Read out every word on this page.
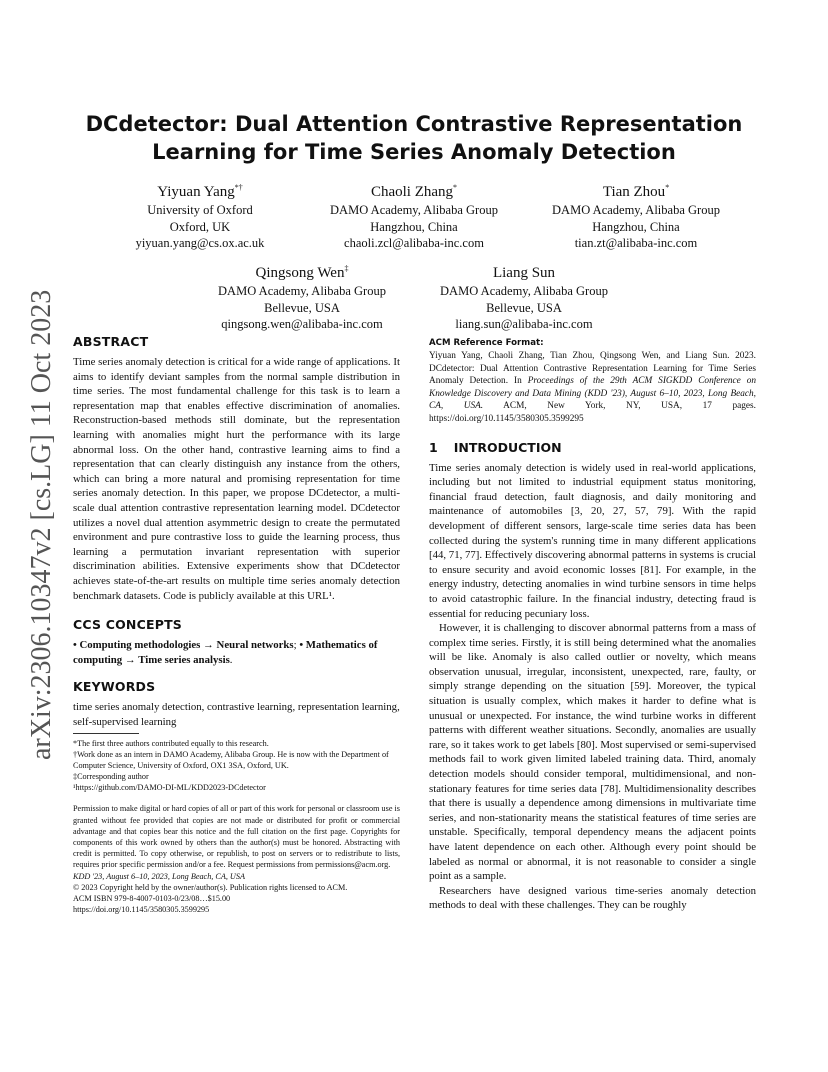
arXiv:2306.10347v2 [cs.LG] 11 Oct 2023
DCdetector: Dual Attention Contrastive Representation Learning for Time Series Anomaly Detection
Yiyuan Yang*†
University of Oxford
Oxford, UK
yiyuan.yang@cs.ox.ac.uk
Chaoli Zhang*
DAMO Academy, Alibaba Group
Hangzhou, China
chaoli.zcl@alibaba-inc.com
Tian Zhou*
DAMO Academy, Alibaba Group
Hangzhou, China
tian.zt@alibaba-inc.com
Qingsong Wen‡
DAMO Academy, Alibaba Group
Bellevue, USA
qingsong.wen@alibaba-inc.com
Liang Sun
DAMO Academy, Alibaba Group
Bellevue, USA
liang.sun@alibaba-inc.com
ABSTRACT

Time series anomaly detection is critical for a wide range of applications. It aims to identify deviant samples from the normal sample distribution in time series. The most fundamental challenge for this task is to learn a representation map that enables effective discrimination of anomalies. Reconstruction-based methods still dominate, but the representation learning with anomalies might hurt the performance with its large abnormal loss. On the other hand, contrastive learning aims to find a representation that can clearly distinguish any instance from the others, which can bring a more natural and promising representation for time series anomaly detection. In this paper, we propose DCdetector, a multi-scale dual attention contrastive representation learning model. DCdetector utilizes a novel dual attention asymmetric design to create the permutated environment and pure contrastive loss to guide the learning process, thus learning a permutation invariant representation with superior discrimination abilities. Extensive experiments show that DCdetector achieves state-of-the-art results on multiple time series anomaly detection benchmark datasets. Code is publicly available at this URL¹.

CCS CONCEPTS

• Computing methodologies → Neural networks; • Mathematics of computing → Time series analysis.

KEYWORDS

time series anomaly detection, contrastive learning, representation learning, self-supervised learning

*The first three authors contributed equally to this research.

†Work done as an intern in DAMO Academy, Alibaba Group. He is now with the Department of Computer Science, University of Oxford, OX1 3SA, Oxford, UK.

‡Corresponding author

¹https://github.com/DAMO-DI-ML/KDD2023-DCdetector

Permission to make digital or hard copies of all or part of this work for personal or classroom use is granted without fee provided that copies are not made or distributed for profit or commercial advantage and that copies bear this notice and the full citation on the first page. Copyrights for components of this work owned by others than the author(s) must be honored. Abstracting with credit is permitted. To copy otherwise, or republish, to post on servers or to redistribute to lists, requires prior specific permission and/or a fee. Request permissions from permissions@acm.org.

KDD '23, August 6–10, 2023, Long Beach, CA, USA

© 2023 Copyright held by the owner/author(s). Publication rights licensed to ACM.

ACM ISBN 979-8-4007-0103-0/23/08…$15.00

https://doi.org/10.1145/3580305.3599295

ACM Reference Format:

Yiyuan Yang, Chaoli Zhang, Tian Zhou, Qingsong Wen, and Liang Sun. 2023. DCdetector: Dual Attention Contrastive Representation Learning for Time Series Anomaly Detection. In Proceedings of the 29th ACM SIGKDD Conference on Knowledge Discovery and Data Mining (KDD '23), August 6–10, 2023, Long Beach, CA, USA. ACM, New York, NY, USA, 17 pages. https://doi.org/10.1145/3580305.3599295

1 INTRODUCTION

Time series anomaly detection is widely used in real-world applications, including but not limited to industrial equipment status monitoring, financial fraud detection, fault diagnosis, and daily monitoring and maintenance of automobiles [3, 20, 27, 57, 79]. With the rapid development of different sensors, large-scale time series data has been collected during the system's running time in many different applications [44, 71, 77]. Effectively discovering abnormal patterns in systems is crucial to ensure security and avoid economic losses [81]. For example, in the energy industry, detecting anomalies in wind turbine sensors in time helps to avoid catastrophic failure. In the financial industry, detecting fraud is essential for reducing pecuniary loss.

However, it is challenging to discover abnormal patterns from a mass of complex time series. Firstly, it is still being determined what the anomalies will be like. Anomaly is also called outlier or novelty, which means observation unusual, irregular, inconsistent, unexpected, rare, faulty, or simply strange depending on the situation [59]. Moreover, the typical situation is usually complex, which makes it harder to define what is unusual or unexpected. For instance, the wind turbine works in different patterns with different weather situations. Secondly, anomalies are usually rare, so it takes work to get labels [80]. Most supervised or semi-supervised methods fail to work given limited labeled training data. Third, anomaly detection models should consider temporal, multidimensional, and non-stationary features for time series data [78]. Multidimensionality describes that there is usually a dependence among dimensions in multivariate time series, and non-stationarity means the statistical features of time series are unstable. Specifically, temporal dependency means the adjacent points have latent dependence on each other. Although every point should be labeled as normal or abnormal, it is not reasonable to consider a single point as a sample.

Researchers have designed various time-series anomaly detection methods to deal with these challenges. They can be roughly
